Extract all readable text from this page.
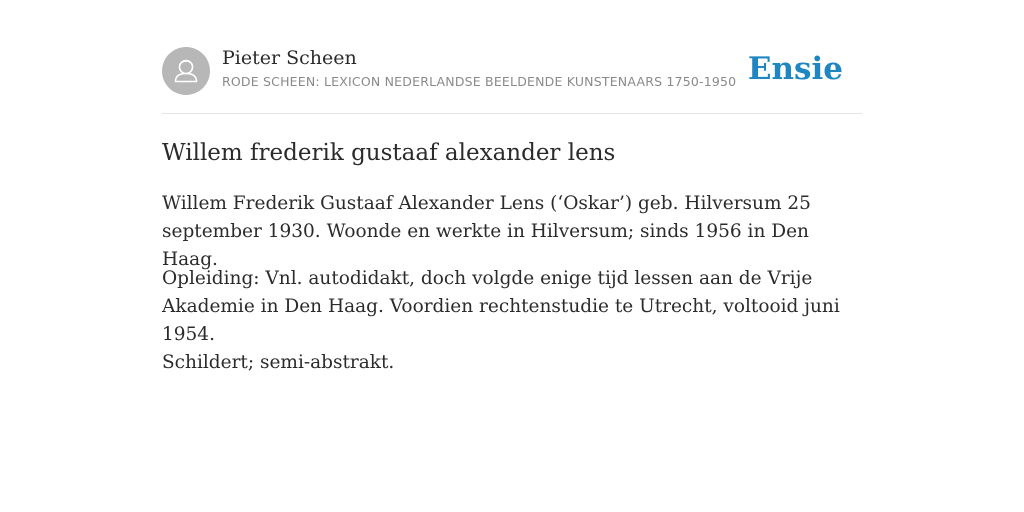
Pieter Scheen
RODE SCHEEN: LEXICON NEDERLANDSE BEELDENDE KUNSTENAARS 1750-1950 Ensie
Willem frederik gustaaf alexander lens

Willem Frederik Gustaaf Alexander Lens (‘Oskar’) geb. Hilversum 25 september 1930. Woonde en werkte in Hilversum; sinds 1956 in Den Haag.

Opleiding: Vnl. autodidakt, doch volgde enige tijd lessen aan de Vrije Akademie in Den Haag. Voordien rechtenstudie te Utrecht, voltooid juni 1954.

Schildert; semi-abstrakt.
